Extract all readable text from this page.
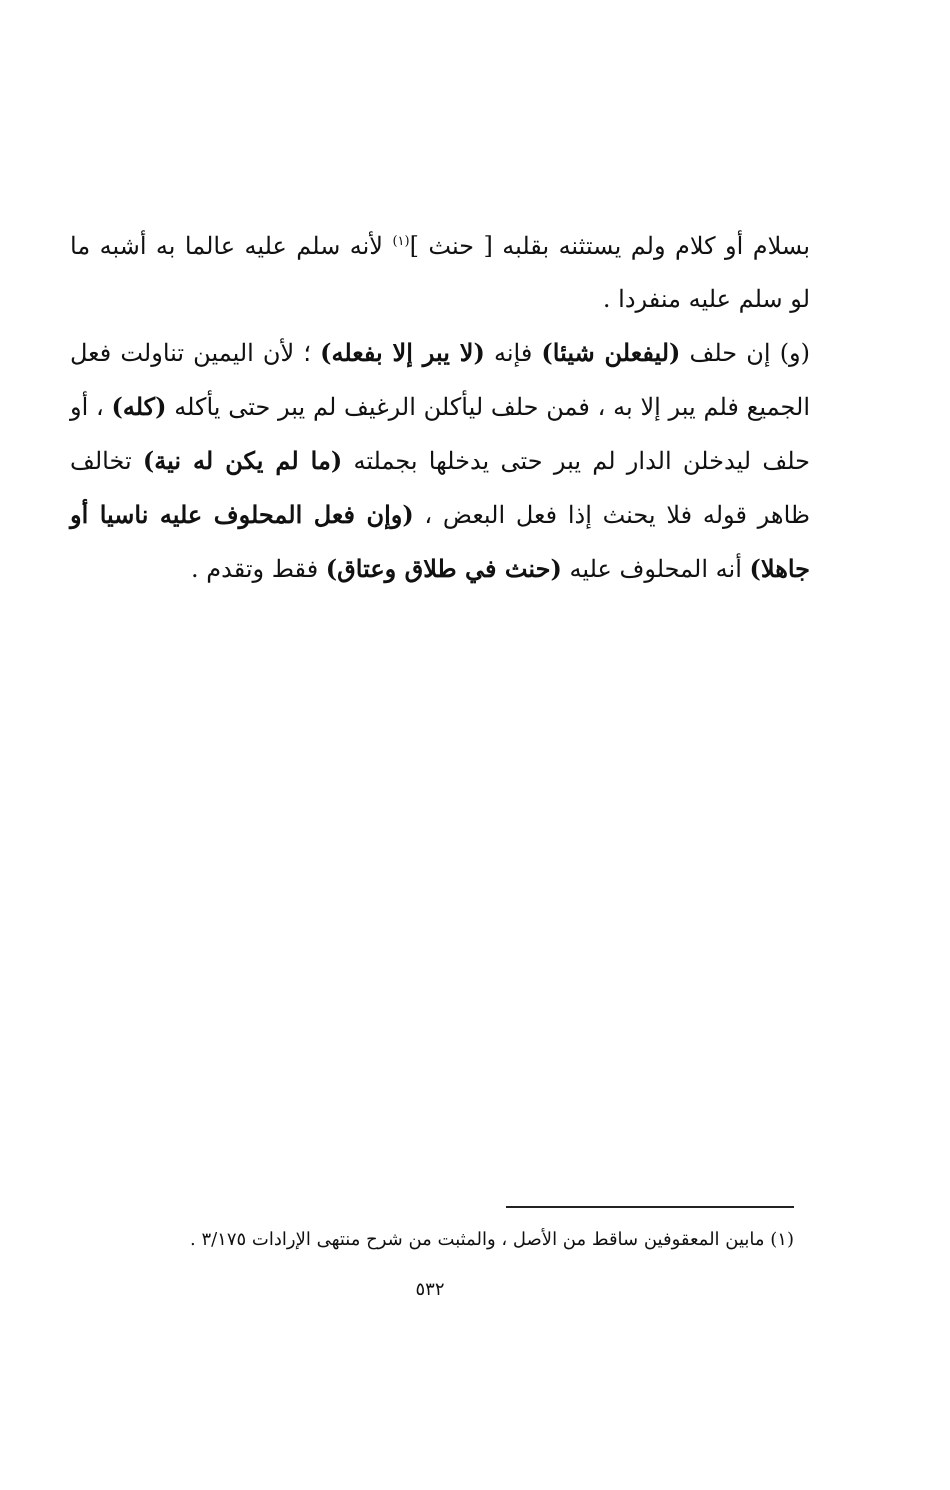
بسلام أو كلام ولم يستثنه بقلبه [ حنث ]$^{(١)}$ لأنه سلم عليه عالما به أشبه ما لو سلم عليه منفردا .

(و) إن حلف (ليفعلن شيئا) فإنه (لا يبر إلا بفعله) ؛ لأن اليمين تناولت فعل الجميع فلم يبر إلا به ، فمن حلف ليأكلن الرغيف لم يبر حتى يأكله (كله) ، أو حلف ليدخلن الدار لم يبر حتى يدخلها بجملته (ما لم يكن له نية) تخالف ظاهر قوله فلا يحنث إذا فعل البعض ، (وإن فعل المحلوف عليه ناسيا أو جاهلا) أنه المحلوف عليه (حنث في طلاق وعتاق) فقط وتقدم .

(١) مابين المعقوفين ساقط من الأصل ، والمثبت من شرح منتهى الإرادات ٣/١٧٥ .
٥٣٢
